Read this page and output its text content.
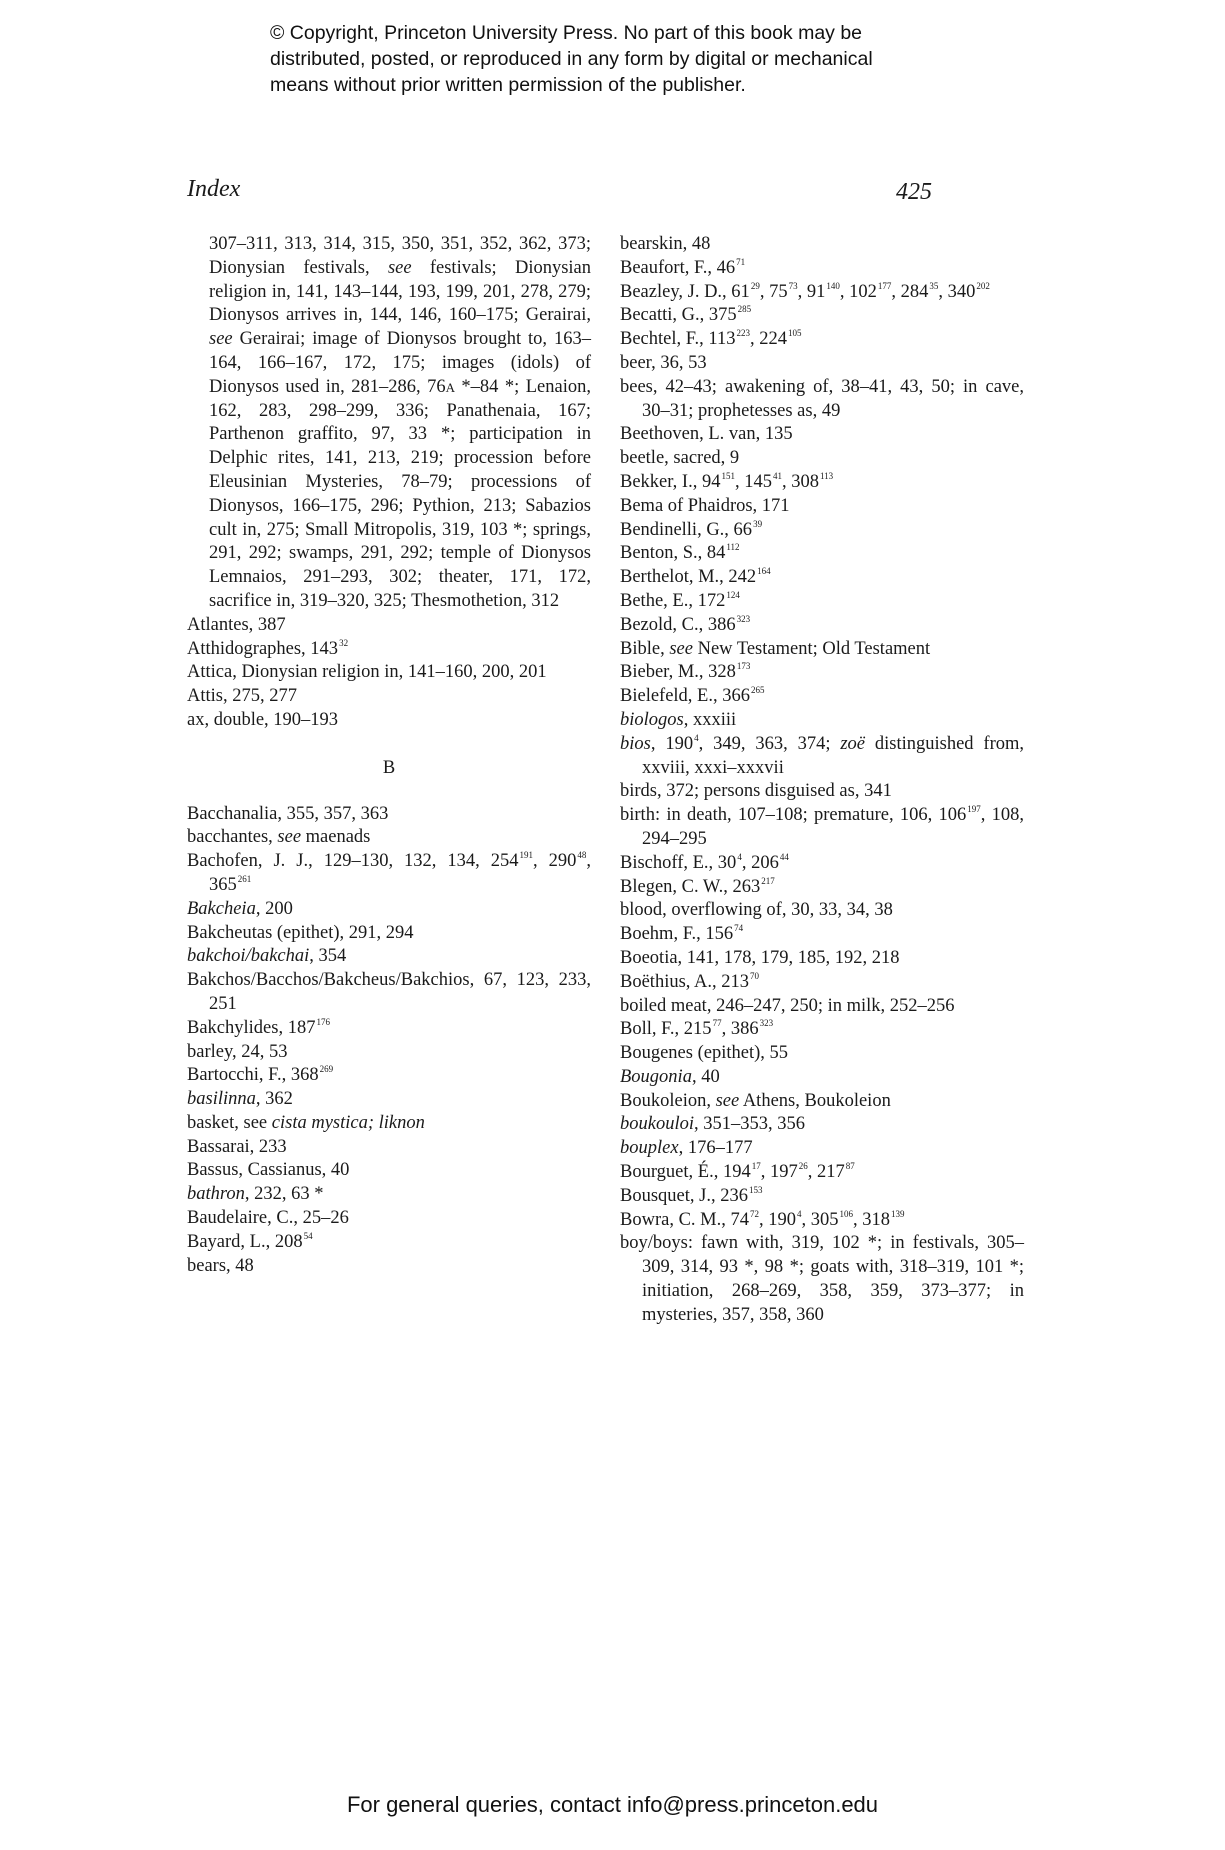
© Copyright, Princeton University Press. No part of this book may be
distributed, posted, or reproduced in any form by digital or mechanical
means without prior written permission of the publisher.
Index	425
307–311, 313, 314, 315, 350, 351, 352, 362, 373; Dionysian festivals, see festivals; Dionysian religion in, 141, 143–144, 193, 199, 201, 278, 279; Dionysos arrives in, 144, 146, 160–175; Gerairai, see Gerairai; image of Dionysos brought to, 163–164, 166–167, 172, 175; images (idols) of Dionysos used in, 281–286, 76A *–84 *; Lenaion, 162, 283, 298–299, 336; Panathenaia, 167; Parthenon graffito, 97, 33 *; participation in Delphic rites, 141, 213, 219; procession before Eleusinian Mysteries, 78–79; processions of Dionysos, 166–175, 296; Pythion, 213; Sabazios cult in, 275; Small Mitropolis, 319, 103 *; springs, 291, 292; swamps, 291, 292; temple of Dionysos Lemnaios, 291–293, 302; theater, 171, 172, sacrifice in, 319–320, 325; Thesmothetion, 312
Atlantes, 387
Atthidographes, $143^{32}$
Attica, Dionysian religion in, 141–160, 200, 201
Attis, 275, 277
ax, double, 190–193
B
Bacchanalia, 355, 357, 363
bacchantes, see maenads
Bachofen, J. J., 129–130, 132, 134, $254^{191}$, $290^{48}$, $365^{261}$
Bakcheia, 200
Bakcheutas (epithet), 291, 294
bakchoi/bakchai, 354
Bakchos/Bacchos/Bakcheus/Bakchios, 67, 123, 233, 251
Bakchylides, $187^{176}$
barley, 24, 53
Bartocchi, F., $368^{269}$
basilinna, 362
basket, see cista mystica; liknon
Bassarai, 233
Bassus, Cassianus, 40
bathron, 232, 63 *
Baudelaire, C., 25–26
Bayard, L., $208^{54}$
bears, 48
bearskin, 48
Beaufort, F., $46^{71}$
Beazley, J. D., $61^{29}$, $75^{73}$, $91^{140}$, $102^{177}$, $284^{35}$, $340^{202}$
Becatti, G., $375^{285}$
Bechtel, F., $113^{223}$, $224^{105}$
beer, 36, 53
bees, 42–43; awakening of, 38–41, 43, 50; in cave, 30–31; prophetesses as, 49
Beethoven, L. van, 135
beetle, sacred, 9
Bekker, I., $94^{151}$, $145^{41}$, $308^{113}$
Bema of Phaidros, 171
Bendinelli, G., $66^{39}$
Benton, S., $84^{112}$
Berthelot, M., $242^{164}$
Bethe, E., $172^{124}$
Bezold, C., $386^{323}$
Bible, see New Testament; Old Testament
Bieber, M., $328^{173}$
Bielefeld, E., $366^{265}$
biologos, xxxiii
bios, $190^4$, 349, 363, 374; zoë distinguished from, xxviii, xxxi–xxxvii
birds, 372; persons disguised as, 341
birth: in death, 107–108; premature, 106, $106^{197}$, 108, 294–295
Bischoff, E., $30^4$, $206^{44}$
Blegen, C. W., $263^{217}$
blood, overflowing of, 30, 33, 34, 38
Boehm, F., $156^{74}$
Boeotia, 141, 178, 179, 185, 192, 218
Boëthius, A., $213^{70}$
boiled meat, 246–247, 250; in milk, 252–256
Boll, F., $215^{77}$, $386^{323}$
Bougenes (epithet), 55
Bougonia, 40
Boukoleion, see Athens, Boukoleion
boukouloi, 351–353, 356
bouplex, 176–177
Bourguet, É., $194^{17}$, $197^{26}$, $217^{87}$
Bousquet, J., $236^{153}$
Bowra, C. M., $74^{72}$, $190^4$, $305^{106}$, $318^{139}$
boy/boys: fawn with, 319, 102 *; in festivals, 305–309, 314, 93 *, 98 *; goats with, 318–319, 101 *; initiation, 268–269, 358, 359, 373–377; in mysteries, 357, 358, 360
For general queries, contact info@press.princeton.edu
